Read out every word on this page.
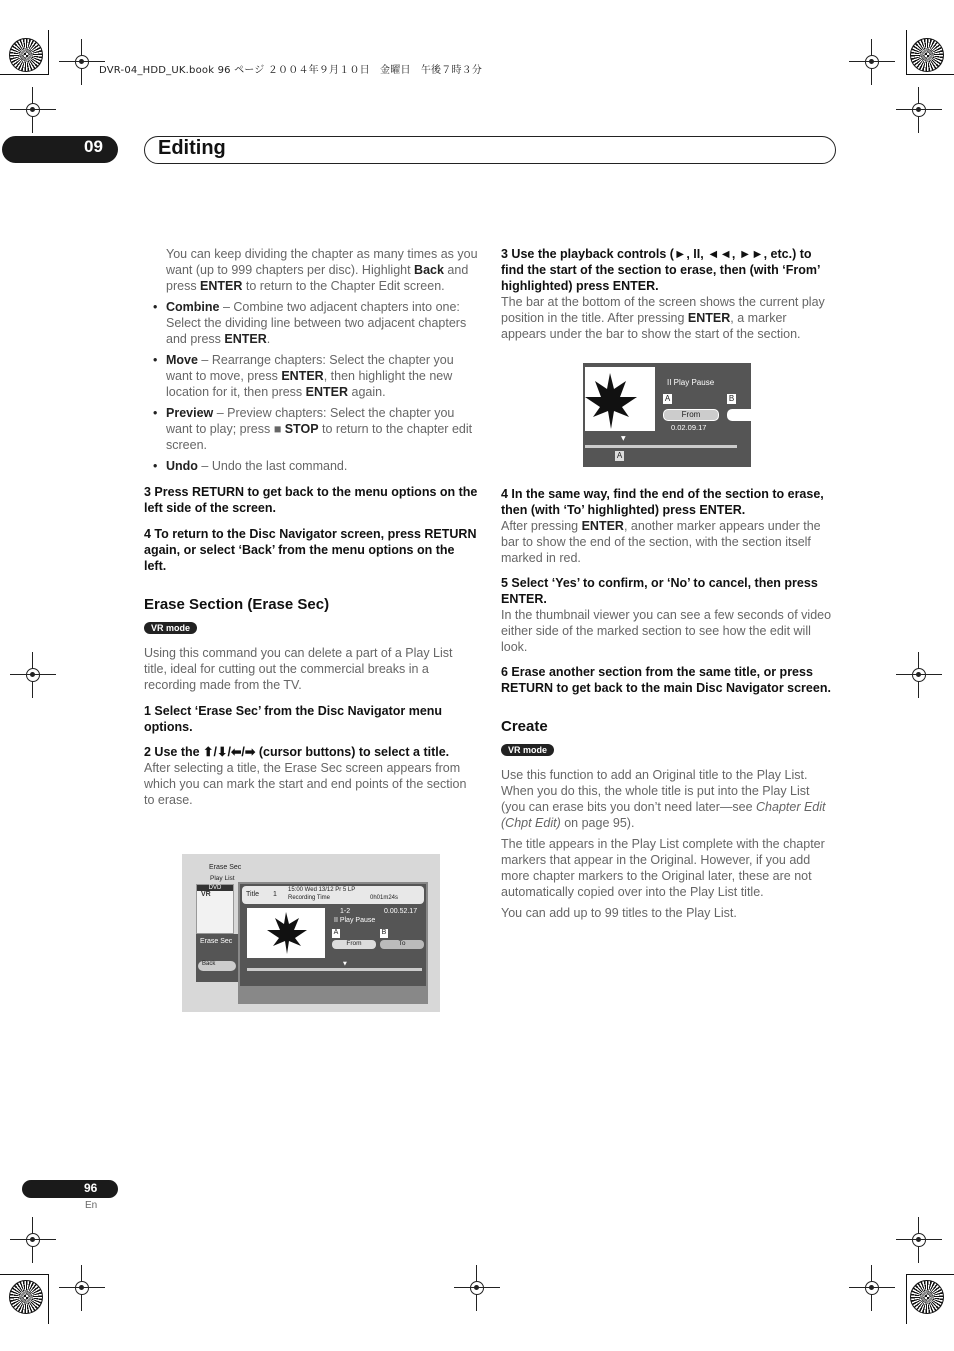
DVR-04_HDD_UK.book 96 ページ ２００４年９月１０日　金曜日　午後７時３分
09	Editing

You can keep dividing the chapter as many times as you want (up to 999 chapters per disc). Highlight Back and press ENTER to return to the Chapter Edit screen.

• Combine – Combine two adjacent chapters into one: Select the dividing line between two adjacent chapters and press ENTER.
• Move – Rearrange chapters: Select the chapter you want to move, press ENTER, then highlight the new location for it, then press ENTER again.
• Preview – Preview chapters: Select the chapter you want to play; press ■ STOP to return to the chapter edit screen.
• Undo – Undo the last command.

3 Press RETURN to get back to the menu options on the left side of the screen.

4 To return to the Disc Navigator screen, press RETURN again, or select ‘Back’ from the menu options on the left.

Erase Section (Erase Sec)

VR mode

Using this command you can delete a part of a Play List title, ideal for cutting out the commercial breaks in a recording made from the TV.

1 Select ‘Erase Sec’ from the Disc Navigator menu options.

2 Use the ⬆/⬇/⬅/➡ (cursor buttons) to select a title.

After selecting a title, the Erase Sec screen appears from which you can mark the start and end points of the section to erase.

Erase Sec
Play List
DVD
VR
Erase Sec
Back
Title 1
15:00 Wed 13/12 Pr 5 LP
Recording Time	0h01m24s
1-2	0.00.52.17
II Play Pause
A	B
From	To
▼

3 Use the playback controls (►, II, ◄◄, ►►, etc.) to find the start of the section to erase, then (with ‘From’ highlighted) press ENTER.

The bar at the bottom of the screen shows the current play position in the title. After pressing ENTER, a marker appears under the bar to show the start of the section.

II Play Pause
A	B
From
0.02.09.17
▼
A

4 In the same way, find the end of the section to erase, then (with ‘To’ highlighted) press ENTER.

After pressing ENTER, another marker appears under the bar to show the end of the section, with the section itself marked in red.

5 Select ‘Yes’ to confirm, or ‘No’ to cancel, then press ENTER.

In the thumbnail viewer you can see a few seconds of video either side of the marked section to see how the edit will look.

6 Erase another section from the same title, or press RETURN to get back to the main Disc Navigator screen.

Create

VR mode

Use this function to add an Original title to the Play List. When you do this, the whole title is put into the Play List (you can erase bits you don’t need later—see Chapter Edit (Chpt Edit) on page 95).

The title appears in the Play List complete with the chapter markers that appear in the Original. However, if you add more chapter markers to the Original later, these are not automatically copied over into the Play List title.

You can add up to 99 titles to the Play List.

96
En
